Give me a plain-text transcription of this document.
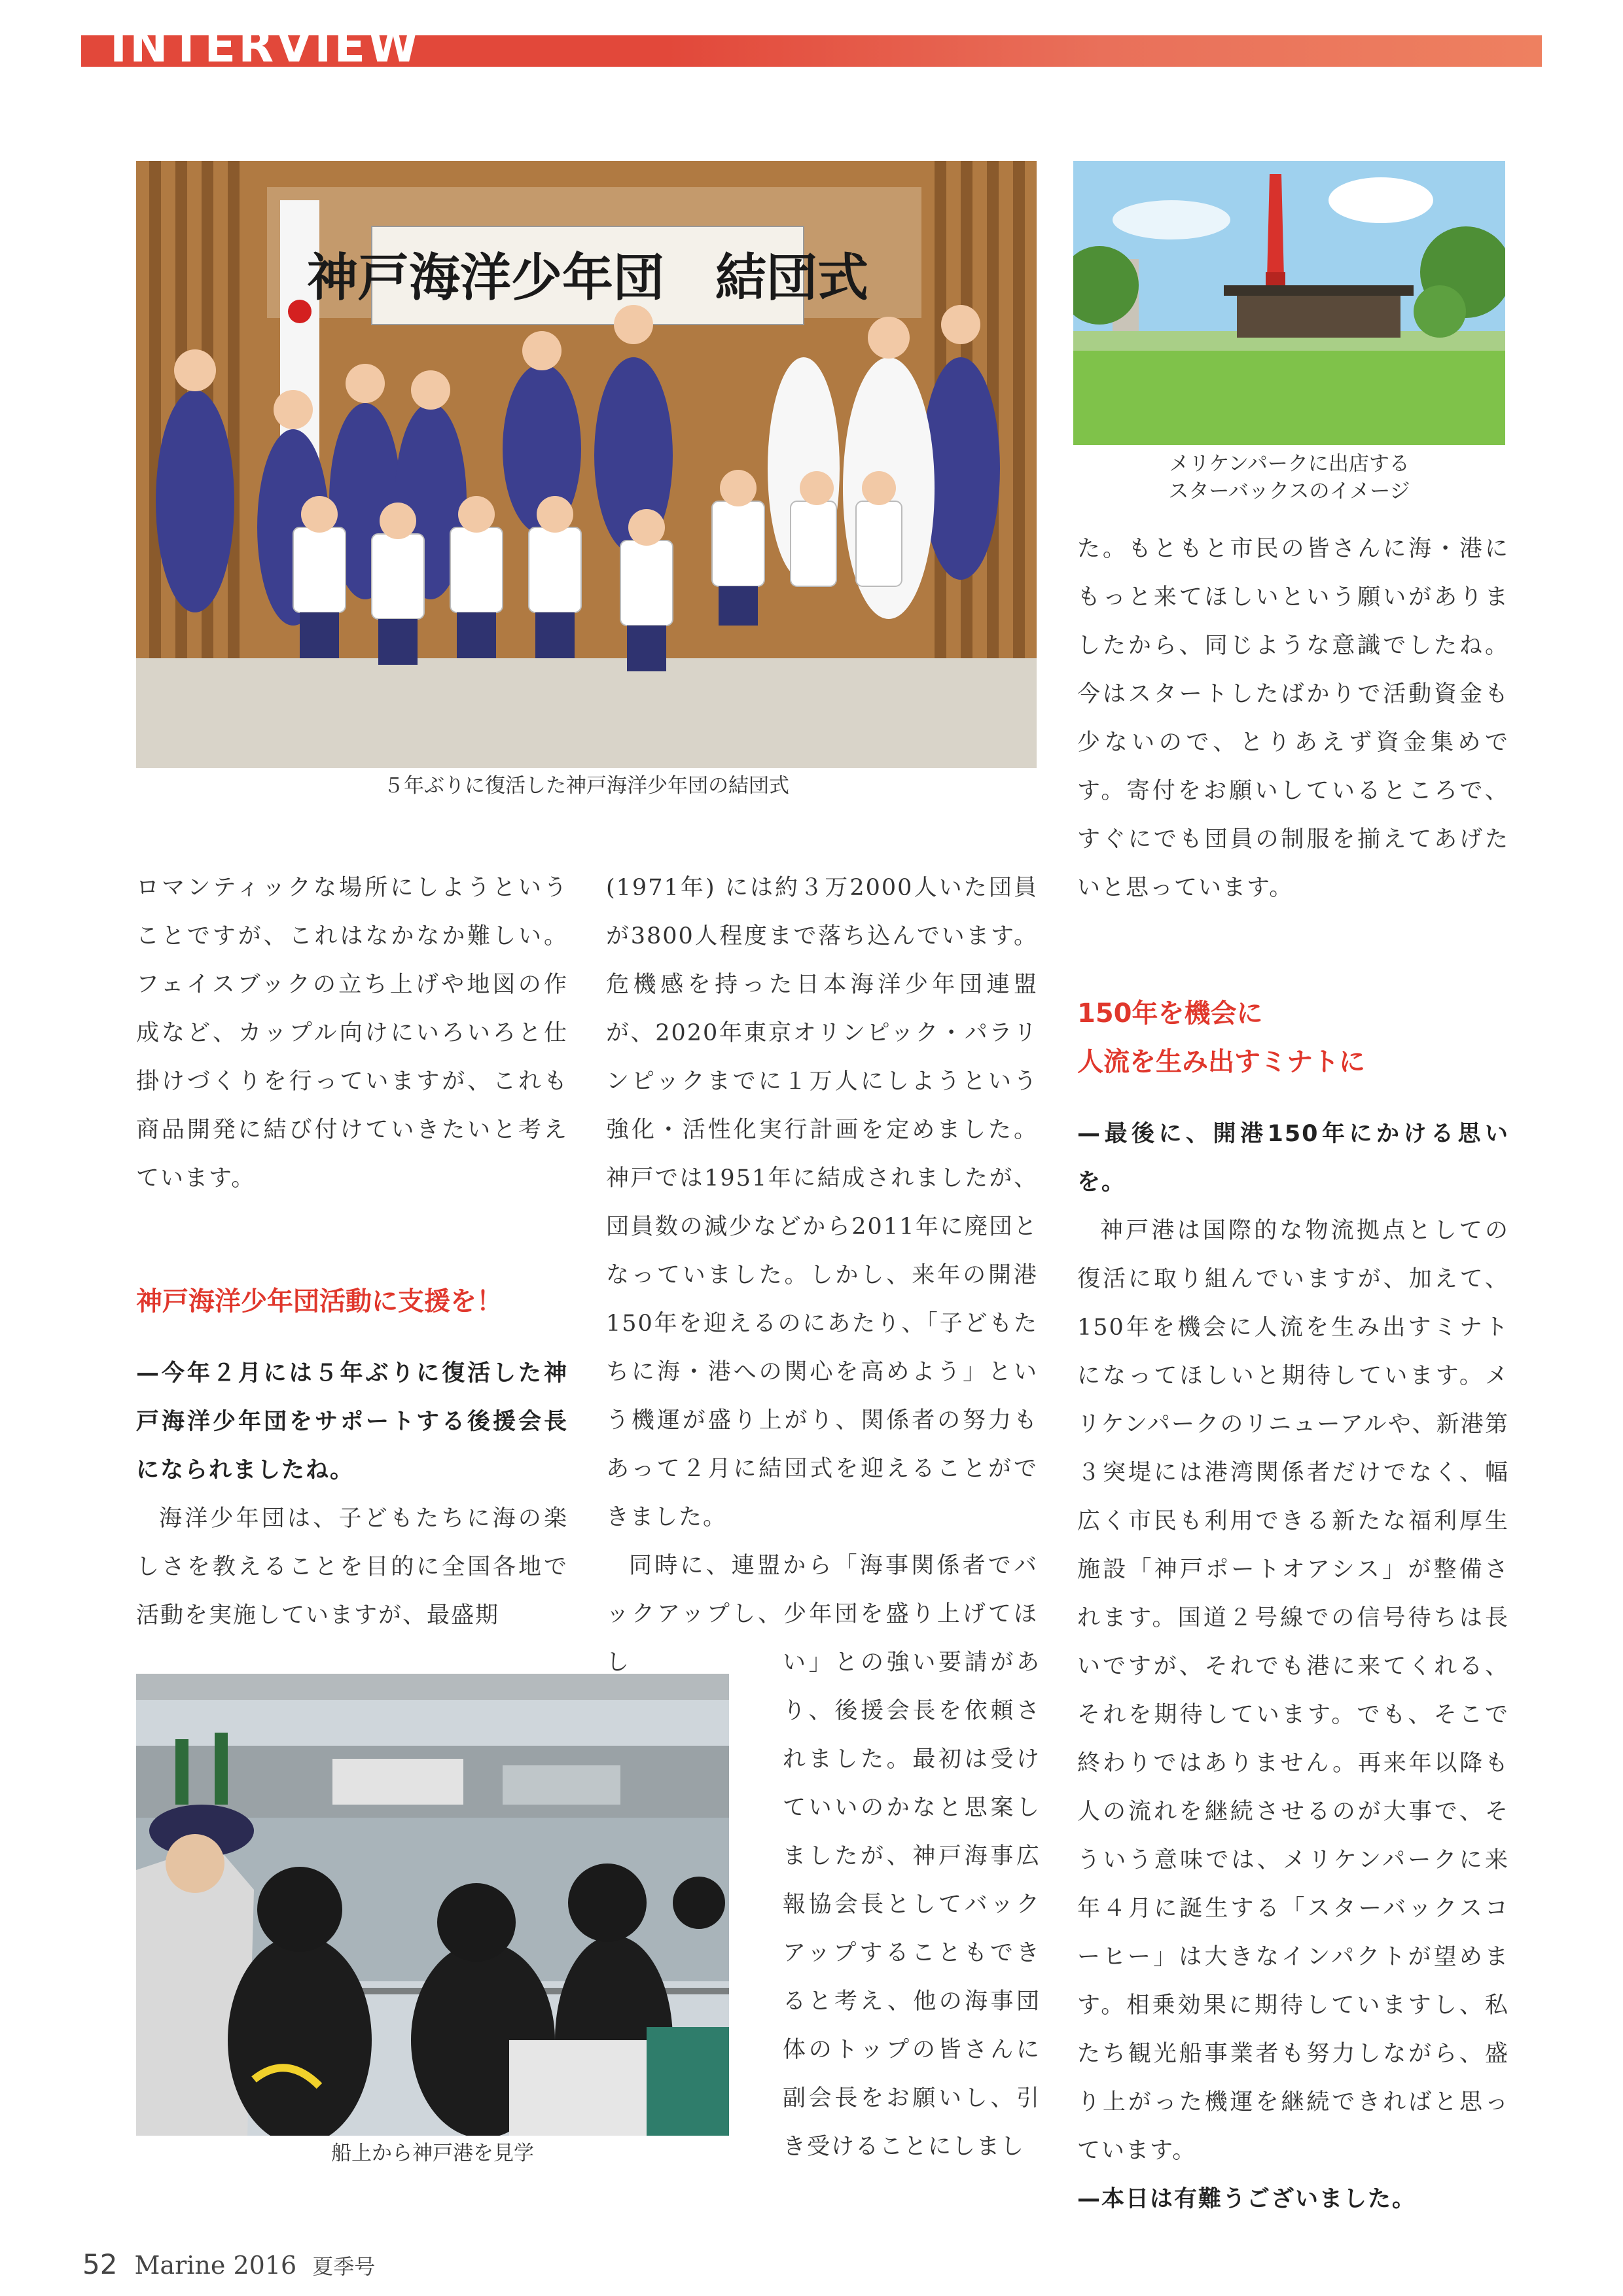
INTERVIEW
神戸海洋少年団　結団式
５年ぶりに復活した神戸海洋少年団の結団式
メリケンパークに出店する
スターバックスのイメージ

ロマンティックな場所にしようということですが、これはなかなか難しい。フェイスブックの立ち上げや地図の作成など、カップル向けにいろいろと仕掛けづくりを行っていますが、これも商品開発に結び付けていきたいと考えています。

神戸海洋少年団活動に支援を！

—今年２月には５年ぶりに復活した神戸海洋少年団をサポートする後援会長になられましたね。

海洋少年団は、子どもたちに海の楽しさを教えることを目的に全国各地で活動を実施していますが、最盛期

船上から神戸港を見学

(1971年) には約３万2000人いた団員が3800人程度まで落ち込んでいます。危機感を持った日本海洋少年団連盟が、2020年東京オリンピック・パラリンピックまでに１万人にしようという強化・活性化実行計画を定めました。神戸では1951年に結成されましたが、団員数の減少などから2011年に廃団となっていました。しかし、来年の開港150年を迎えるのにあたり、「子どもたちに海・港への関心を高めよう」という機運が盛り上がり、関係者の努力もあって２月に結団式を迎えることができました。

同時に、連盟から「海事関係者でバックアップし、少年団を盛り上げてほし	い」との強い要請があり、後援会長を依頼されました。最初は受けていいのかなと思案しましたが、神戸海事広報協会長としてバックアップすることもできると考え、他の海事団体のトップの皆さんに副会長をお願いし、引き受けることにしまし

た。もともと市民の皆さんに海・港にもっと来てほしいという願いがありましたから、同じような意識でしたね。今はスタートしたばかりで活動資金も少ないので、とりあえず資金集めです。寄付をお願いしているところで、すぐにでも団員の制服を揃えてあげたいと思っています。

150年を機会に
人流を生み出すミナトに

—最後に、開港150年にかける思いを。

神戸港は国際的な物流拠点としての復活に取り組んでいますが、加えて、150年を機会に人流を生み出すミナトになってほしいと期待しています。メリケンパークのリニューアルや、新港第３突堤には港湾関係者だけでなく、幅広く市民も利用できる新たな福利厚生施設「神戸ポートオアシス」が整備されます。国道２号線での信号待ちは長いですが、それでも港に来てくれる、それを期待しています。でも、そこで終わりではありません。再来年以降も人の流れを継続させるのが大事で、そういう意味では、メリケンパークに来年４月に誕生する「スターバックスコーヒー」は大きなインパクトが望めます。相乗効果に期待していますし、私たち観光船事業者も努力しながら、盛り上がった機運を継続できればと思っています。

—本日は有難うございました。

52 Marine 2016 夏季号
